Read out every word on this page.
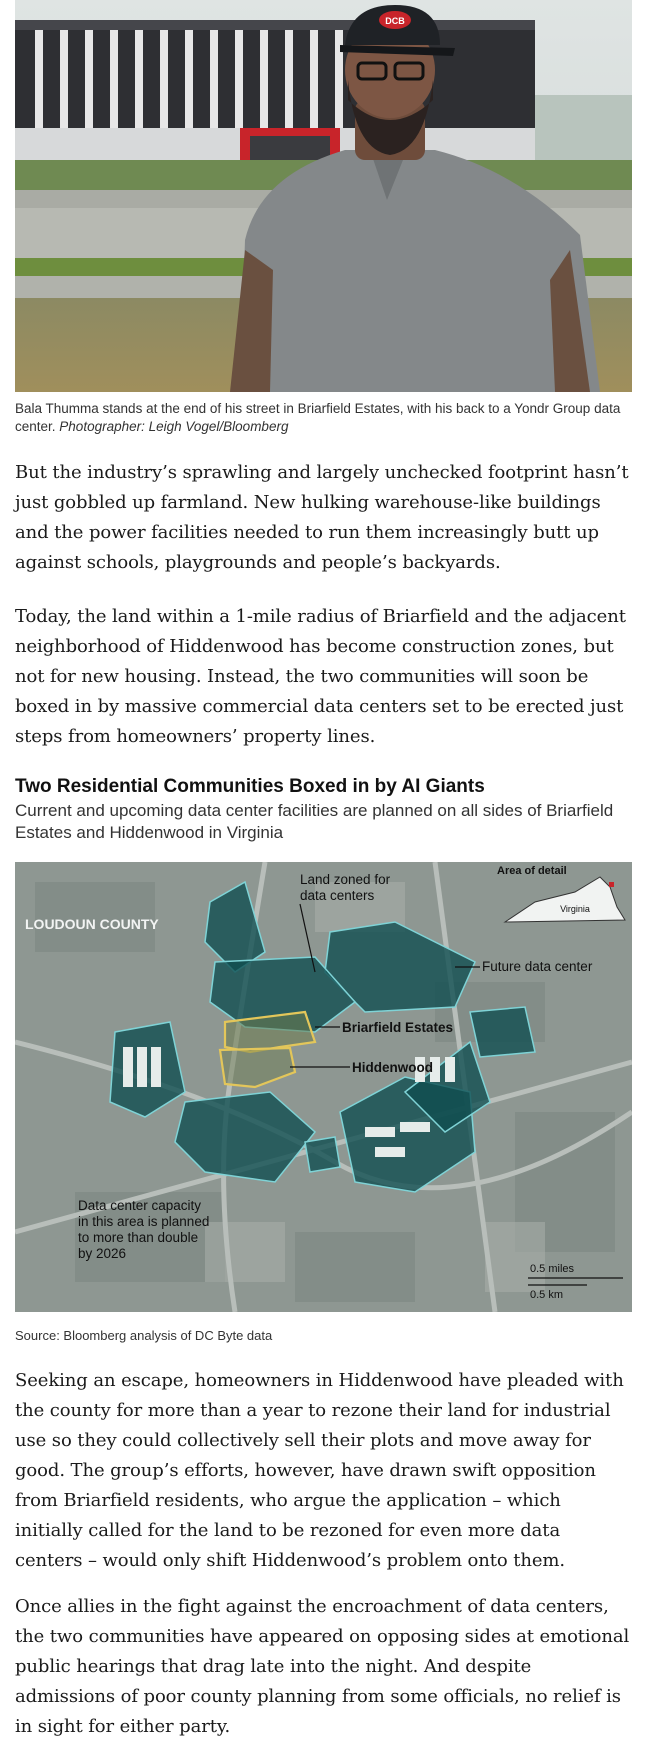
DCB
Bala Thumma stands at the end of his street in Briarfield Estates, with his back to a Yondr Group data center. Photographer: Leigh Vogel/Bloomberg

But the industry’s sprawling and largely unchecked footprint hasn’t just gobbled up farmland. New hulking warehouse-like buildings and the power facilities needed to run them increasingly butt up against schools, playgrounds and people’s backyards.

Today, the land within a 1-mile radius of Briarfield and the adjacent neighborhood of Hiddenwood has become construction zones, but not for new housing. Instead, the two communities will soon be boxed in by massive commercial data centers set to be erected just steps from homeowners’ property lines.

Two Residential Communities Boxed in by AI Giants
Current and upcoming data center facilities are planned on all sides of Briarfield Estates and Hiddenwood in Virginia
LOUDOUN COUNTY
Land zoned for
data centers
Future data center
Briarfield Estates
Hiddenwood
Area of detail
Virginia
Data center capacity
in this area is planned
to more than double
by 2026
0.5 miles
0.5 km
Source: Bloomberg analysis of DC Byte data

Seeking an escape, homeowners in Hiddenwood have pleaded with the county for more than a year to rezone their land for industrial use so they could collectively sell their plots and move away for good. The group’s efforts, however, have drawn swift opposition from Briarfield residents, who argue the application – which initially called for the land to be rezoned for even more data centers – would only shift Hiddenwood’s problem onto them.

Once allies in the fight against the encroachment of data centers, the two communities have appeared on opposing sides at emotional public hearings that drag late into the night. And despite admissions of poor county planning from some officials, no relief is in sight for either party.
